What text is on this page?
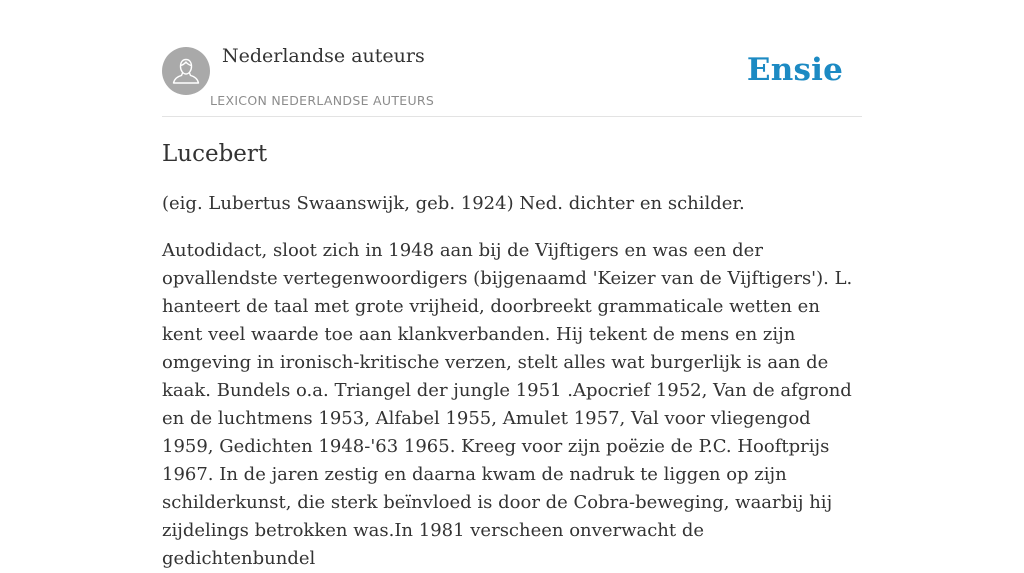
Nederlandse auteurs
LEXICON NEDERLANDSE AUTEURS
Ensie
Lucebert

(eig. Lubertus Swaanswijk, geb. 1924) Ned. dichter en schilder.

Autodidact, sloot zich in 1948 aan bij de Vijftigers en was een der opvallendste vertegenwoordigers (bijgenaamd 'Keizer van de Vijftigers'). L. hanteert de taal met grote vrijheid, doorbreekt grammaticale wetten en kent veel waarde toe aan klankverbanden. Hij tekent de mens en zijn omgeving in ironisch-kritische verzen, stelt alles wat burgerlijk is aan de kaak. Bundels o.a. Triangel der jungle 1951 .Apocrief 1952, Van de afgrond en de luchtmens 1953, Alfabel 1955, Amulet 1957, Val voor vliegengod 1959, Gedichten 1948-'63 1965. Kreeg voor zijn poëzie de P.C. Hooftprijs 1967. In de jaren zestig en daarna kwam de nadruk te liggen op zijn schilderkunst, die sterk beïnvloed is door de Cobra-beweging, waarbij hij zijdelings betrokken was.In 1981 verscheen onverwacht de gedichtenbundel
